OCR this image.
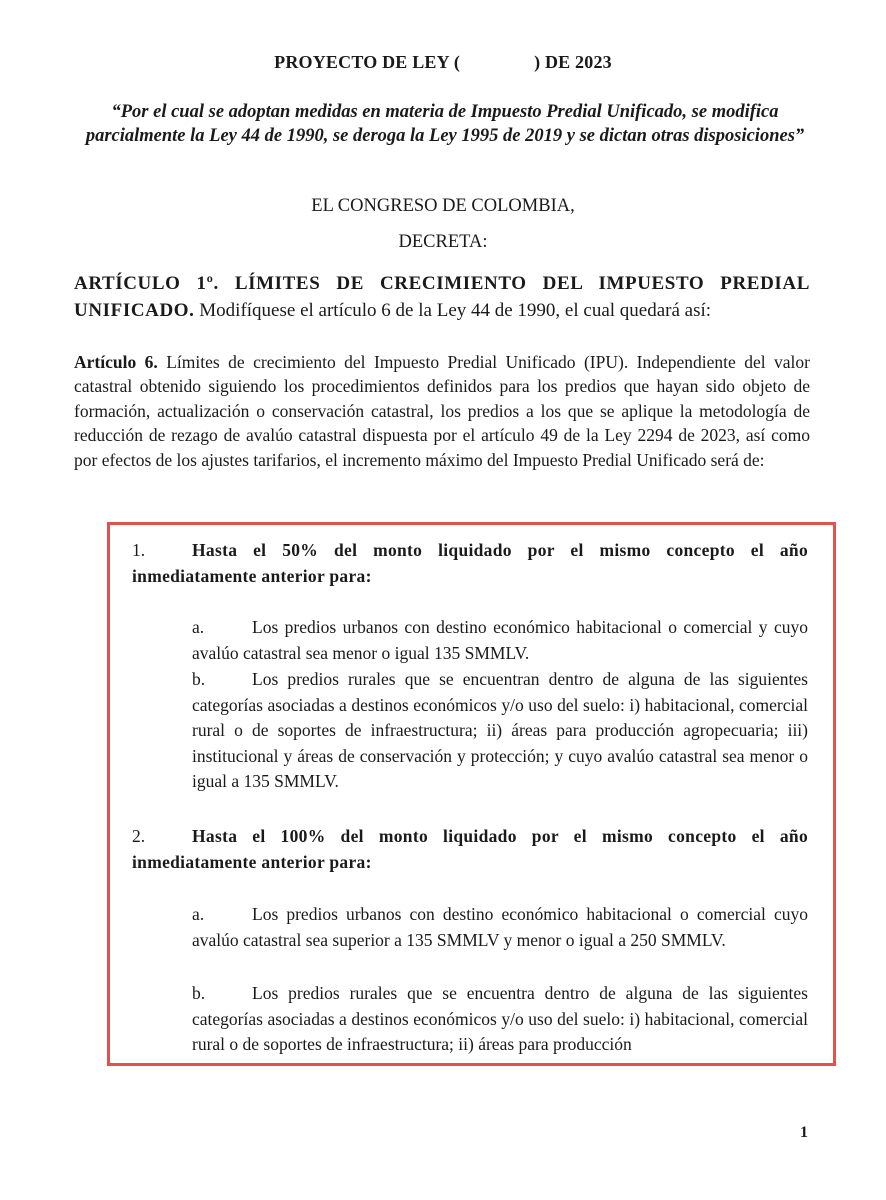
PROYECTO DE LEY (	) DE 2023
“Por el cual se adoptan medidas en materia de Impuesto Predial Unificado, se modifica parcialmente la Ley 44 de 1990, se deroga la Ley 1995 de 2019 y se dictan otras disposiciones”
EL CONGRESO DE COLOMBIA,
DECRETA:
ARTÍCULO 1º. LÍMITES DE CRECIMIENTO DEL IMPUESTO PREDIAL UNIFICADO. Modifíquese el artículo 6 de la Ley 44 de 1990, el cual quedará así:
Artículo 6. Límites de crecimiento del Impuesto Predial Unificado (IPU). Independiente del valor catastral obtenido siguiendo los procedimientos definidos para los predios que hayan sido objeto de formación, actualización o conservación catastral, los predios a los que se aplique la metodología de reducción de rezago de avalúo catastral dispuesta por el artículo 49 de la Ley 2294 de 2023, así como por efectos de los ajustes tarifarios, el incremento máximo del Impuesto Predial Unificado será de:
1.	Hasta el 50% del monto liquidado por el mismo concepto el año inmediatamente anterior para:
a.	Los predios urbanos con destino económico habitacional o comercial y cuyo avalúo catastral sea menor o igual 135 SMMLV.
b.	Los predios rurales que se encuentran dentro de alguna de las siguientes categorías asociadas a destinos económicos y/o uso del suelo: i) habitacional, comercial rural o de soportes de infraestructura; ii) áreas para producción agropecuaria; iii) institucional y áreas de conservación y protección; y cuyo avalúo catastral sea menor o igual a 135 SMMLV.
2.	Hasta el 100% del monto liquidado por el mismo concepto el año inmediatamente anterior para:
a.	Los predios urbanos con destino económico habitacional o comercial cuyo avalúo catastral sea superior a 135 SMMLV y menor o igual a 250 SMMLV.
b.	Los predios rurales que se encuentra dentro de alguna de las siguientes categorías asociadas a destinos económicos y/o uso del suelo: i) habitacional, comercial rural o de soportes de infraestructura; ii) áreas para producción
1
